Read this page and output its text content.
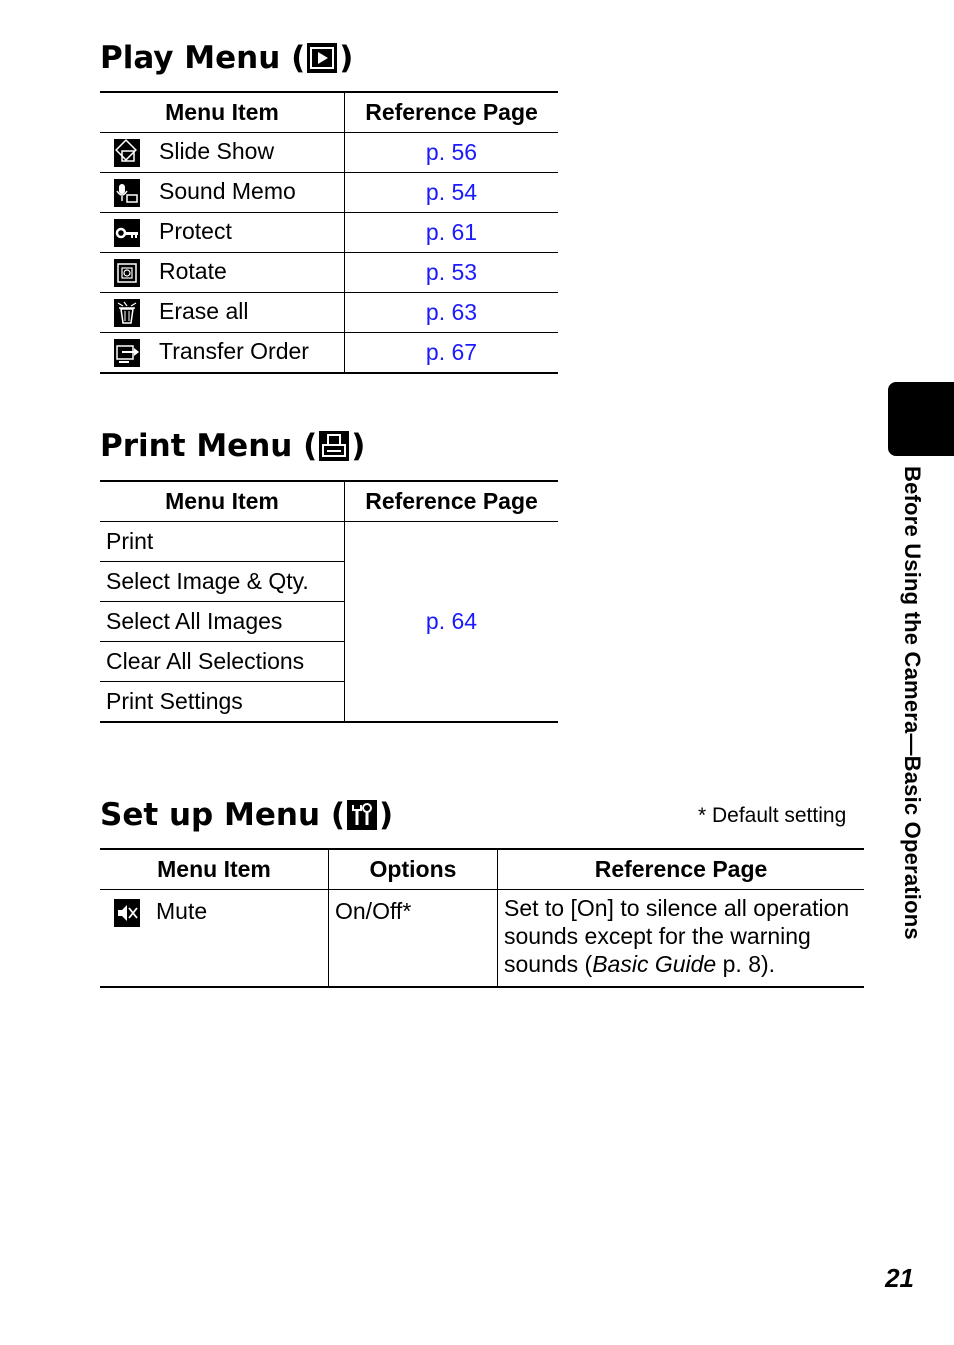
Play Menu ( )
Menu Item	Reference Page

Slide Show	p. 56

Sound Memo	p. 54

Protect	p. 61

Rotate	p. 53

Erase all	p. 63

Transfer Order	p. 67
Print Menu ( )
Menu Item	Reference Page
Print	p. 64
Select Image & Qty.	
Select All Images	
Clear All Selections	
Print Settings	
Set up Menu ( )	* Default setting
Menu Item	Options	Reference Page

Mute	On/Off*	Set to [On] to silence all operation sounds except for the warning sounds (Basic Guide p. 8).
Before Using the Camera—Basic Operations
21
